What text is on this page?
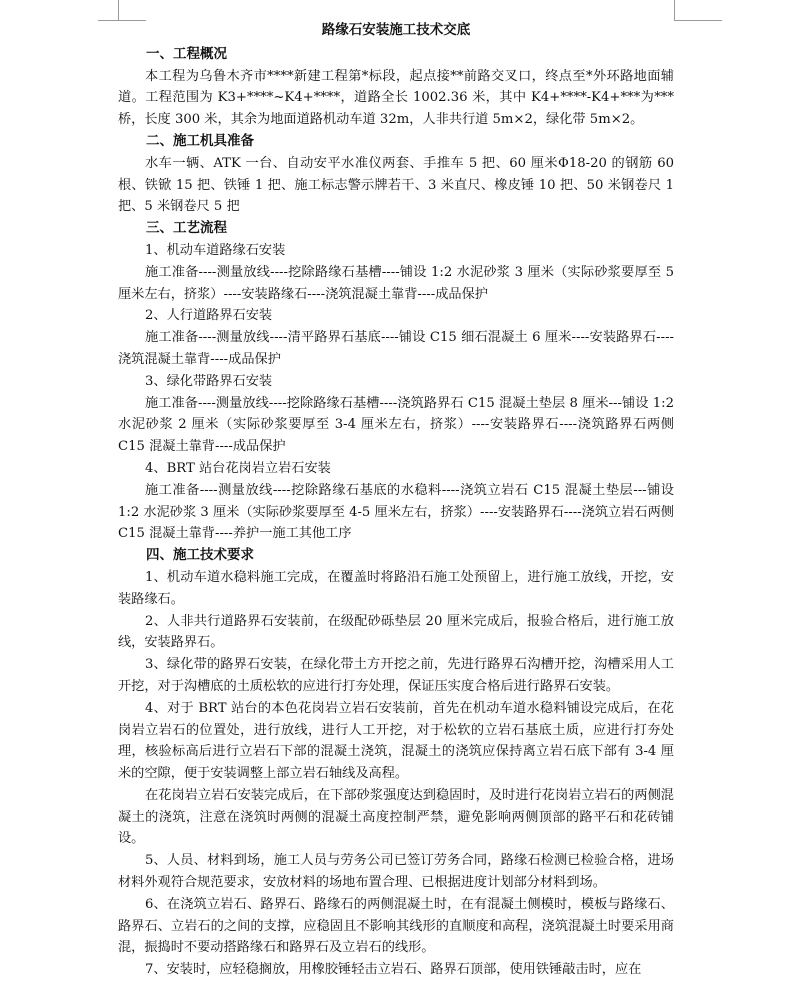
路缘石安装施工技术交底
一、工程概况
本工程为乌鲁木齐市****新建工程第*标段，起点接**前路交叉口，终点至*外环路地面辅道。工程范围为 K3+****~K4+****，道路全长 1002.36 米，其中 K4+****-K4+***为***桥，长度 300 米，其余为地面道路机动车道 32m，人非共行道 5m×2，绿化带 5m×2。
二、施工机具准备
水车一辆、ATK 一台、自动安平水准仪两套、手推车 5 把、60 厘米Φ18-20 的钢筋 60 根、铁锨 15 把、铁锤 1 把、施工标志警示牌若干、3 米直尺、橡皮锤 10 把、50 米钢卷尺 1 把、5 米钢卷尺 5 把
三、工艺流程
1、机动车道路缘石安装
施工准备----测量放线----挖除路缘石基槽----铺设 1:2 水泥砂浆 3 厘米（实际砂浆要厚至 5 厘米左右，挤浆）----安装路缘石----浇筑混凝土靠背----成品保护
2、人行道路界石安装
施工准备----测量放线----清平路界石基底----铺设 C15 细石混凝土 6 厘米----安装路界石----浇筑混凝土靠背----成品保护
3、绿化带路界石安装
施工准备----测量放线----挖除路缘石基槽----浇筑路界石 C15 混凝土垫层 8 厘米---铺设 1:2 水泥砂浆 2 厘米（实际砂浆要厚至 3-4 厘米左右，挤浆）----安装路界石----浇筑路界石两侧 C15 混凝土靠背----成品保护
4、BRT 站台花岗岩立岩石安装
施工准备----测量放线----挖除路缘石基底的水稳料----浇筑立岩石 C15 混凝土垫层---铺设 1:2 水泥砂浆 3 厘米（实际砂浆要厚至 4-5 厘米左右，挤浆）----安装路界石----浇筑立岩石两侧 C15 混凝土靠背----养护一施工其他工序
四、施工技术要求
1、机动车道水稳料施工完成，在覆盖时将路沿石施工处预留上，进行施工放线，开挖，安装路缘石。
2、人非共行道路界石安装前，在级配砂砾垫层 20 厘米完成后，报验合格后，进行施工放线，安装路界石。
3、绿化带的路界石安装，在绿化带土方开挖之前，先进行路界石沟槽开挖，沟槽采用人工开挖，对于沟槽底的土质松软的应进行打夯处理，保证压实度合格后进行路界石安装。
4、对于 BRT 站台的本色花岗岩立岩石安装前，首先在机动车道水稳料铺设完成后，在花岗岩立岩石的位置处，进行放线，进行人工开挖，对于松软的立岩石基底土质，应进行打夯处理，核验标高后进行立岩石下部的混凝土浇筑，混凝土的浇筑应保持离立岩石底下部有 3-4 厘米的空隙，便于安装调整上部立岩石轴线及高程。
在花岗岩立岩石安装完成后，在下部砂浆强度达到稳固时，及时进行花岗岩立岩石的两侧混凝土的浇筑，注意在浇筑时两侧的混凝土高度控制严禁，避免影响两侧顶部的路平石和花砖铺设。
5、人员、材料到场，施工人员与劳务公司已签订劳务合同，路缘石检测已检验合格，进场材料外观符合规范要求，安放材料的场地布置合理、已根据进度计划部分材料到场。
6、在浇筑立岩石、路界石、路缘石的两侧混凝土时，在有混凝土侧模时，模板与路缘石、路界石、立岩石的之间的支撑，应稳固且不影响其线形的直顺度和高程，浇筑混凝土时要采用商混，振捣时不要动搭路缘石和路界石及立岩石的线形。
7、安装时，应轻稳搁放，用橡胶锤轻击立岩石、路界石顶部，使用铁锤敲击时，应在
